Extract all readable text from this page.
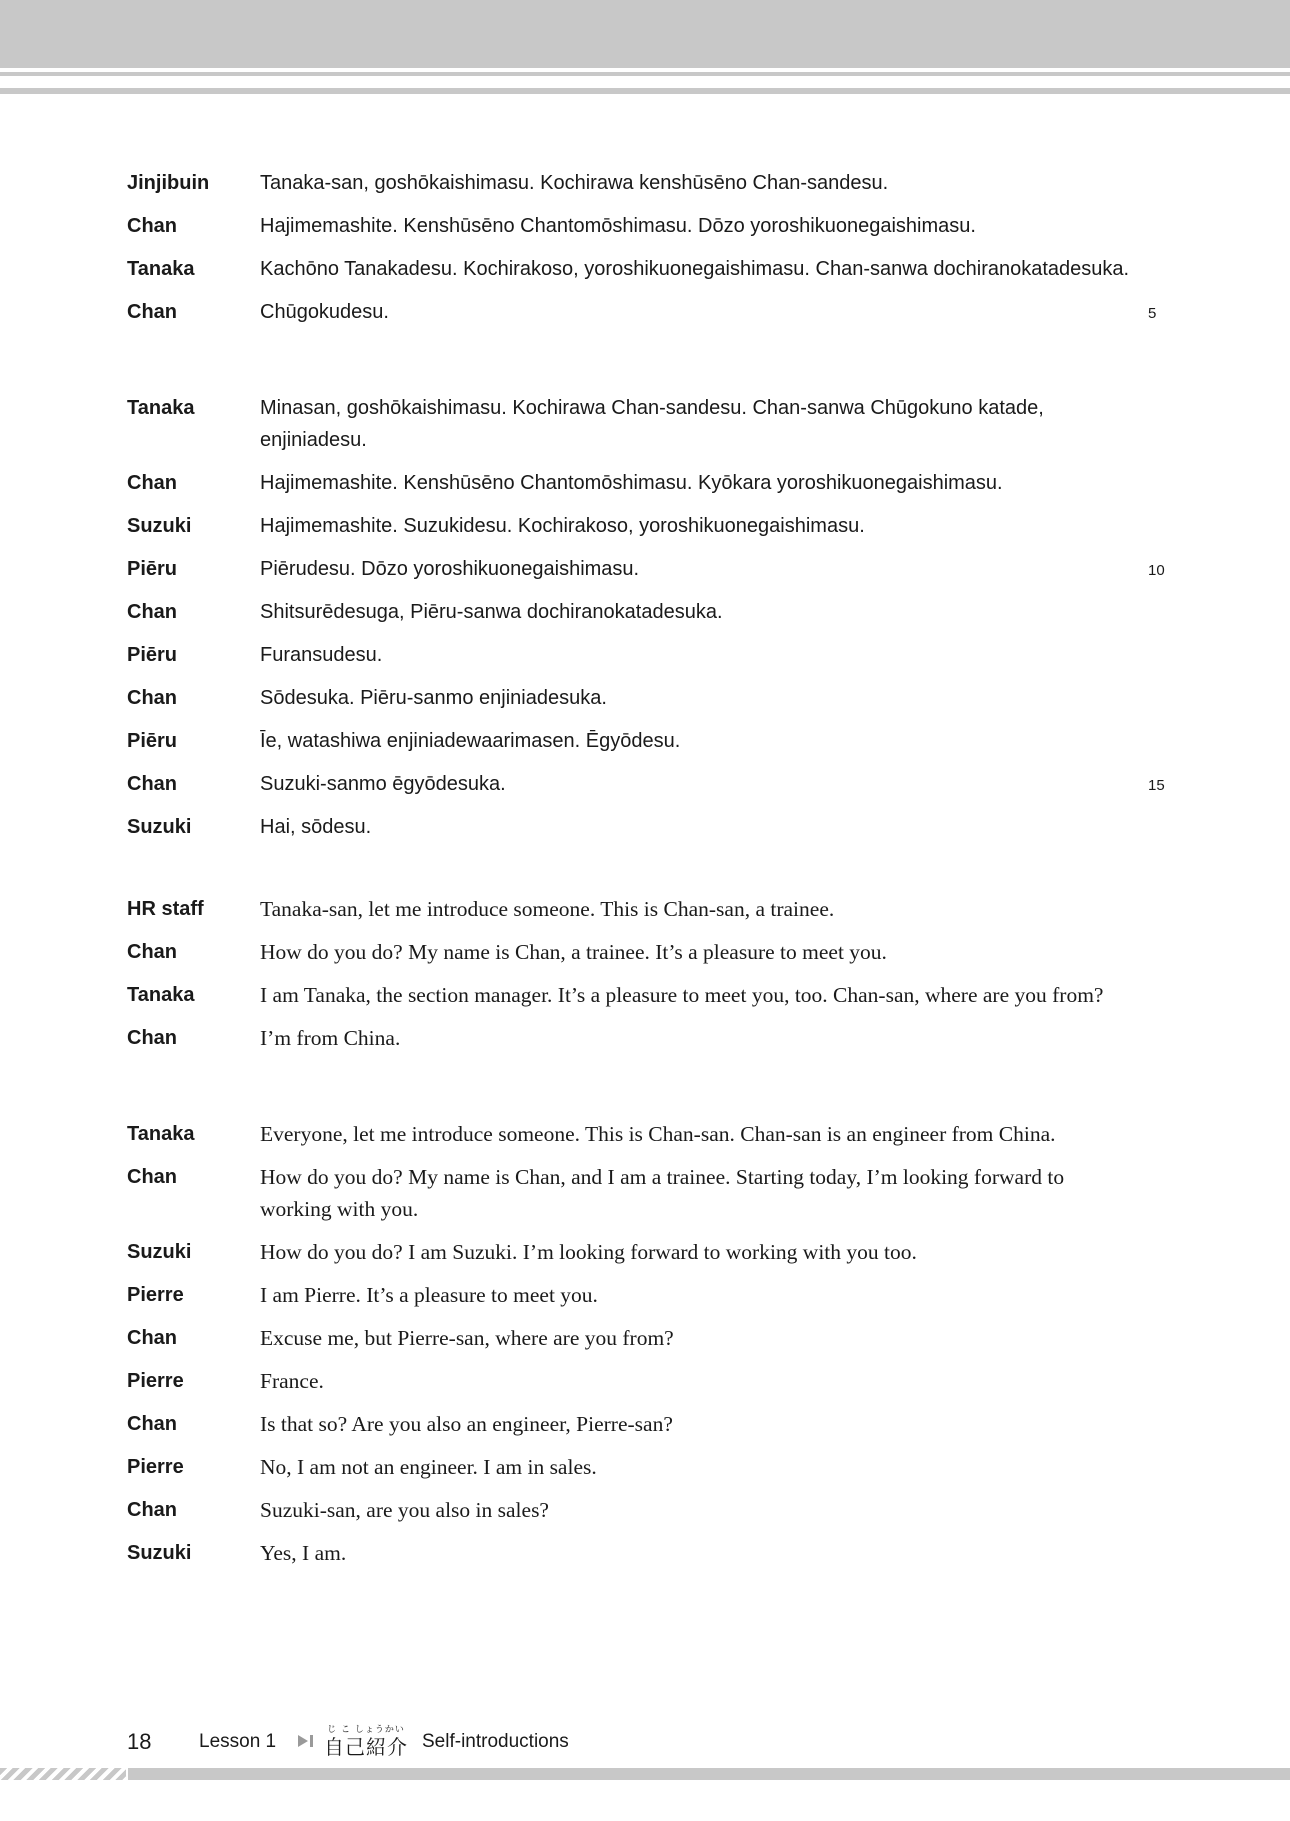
Jinjibuin	Tanaka-san, goshōkaishimasu. Kochirawa kenshūsēno Chan-sandesu.
Chan	Hajimemashite. Kenshūsēno Chantomōshimasu. Dōzo yoroshikuonegaishimasu.
Tanaka	Kachōno Tanakadesu. Kochirakoso, yoroshikuonegaishimasu. Chan-sanwa dochiranokatadesuka.
Chan	Chūgokudesu.	5
Tanaka	Minasan, goshōkaishimasu. Kochirawa Chan-sandesu. Chan-sanwa Chūgokuno katade, enjiniadesu.
Chan	Hajimemashite. Kenshūsēno Chantomōshimasu. Kyōkara yoroshikuonegaishimasu.
Suzuki	Hajimemashite. Suzukidesu. Kochirakoso, yoroshikuonegaishimasu.
Piēru	Piērudesu. Dōzo yoroshikuonegaishimasu.	10
Chan	Shitsurēdesuga, Piēru-sanwa dochiranokatadesuka.
Piēru	Furansudesu.
Chan	Sōdesuka. Piēru-sanmo enjiniadesuka.
Piēru	Īe, watashiwa enjiniadewaarimasen. Ēgyōdesu.
Chan	Suzuki-sanmo ēgyōdesuka.	15
Suzuki	Hai, sōdesu.
HR staff	Tanaka-san, let me introduce someone. This is Chan-san, a trainee.
Chan	How do you do? My name is Chan, a trainee. It’s a pleasure to meet you.
Tanaka	I am Tanaka, the section manager. It’s a pleasure to meet you, too. Chan-san, where are you from?
Chan	I’m from China.
Tanaka	Everyone, let me introduce someone. This is Chan-san. Chan-san is an engineer from China.
Chan	How do you do? My name is Chan, and I am a trainee. Starting today, I’m looking forward to working with you.
Suzuki	How do you do? I am Suzuki. I’m looking forward to working with you too.
Pierre	I am Pierre. It’s a pleasure to meet you.
Chan	Excuse me, but Pierre-san, where are you from?
Pierre	France.
Chan	Is that so? Are you also an engineer, Pierre-san?
Pierre	No, I am not an engineer. I am in sales.
Chan	Suzuki-san, are you also in sales?
Suzuki	Yes, I am.
18	Lesson 1
じ こ しょうかい
自己紹介 Self-introductions
